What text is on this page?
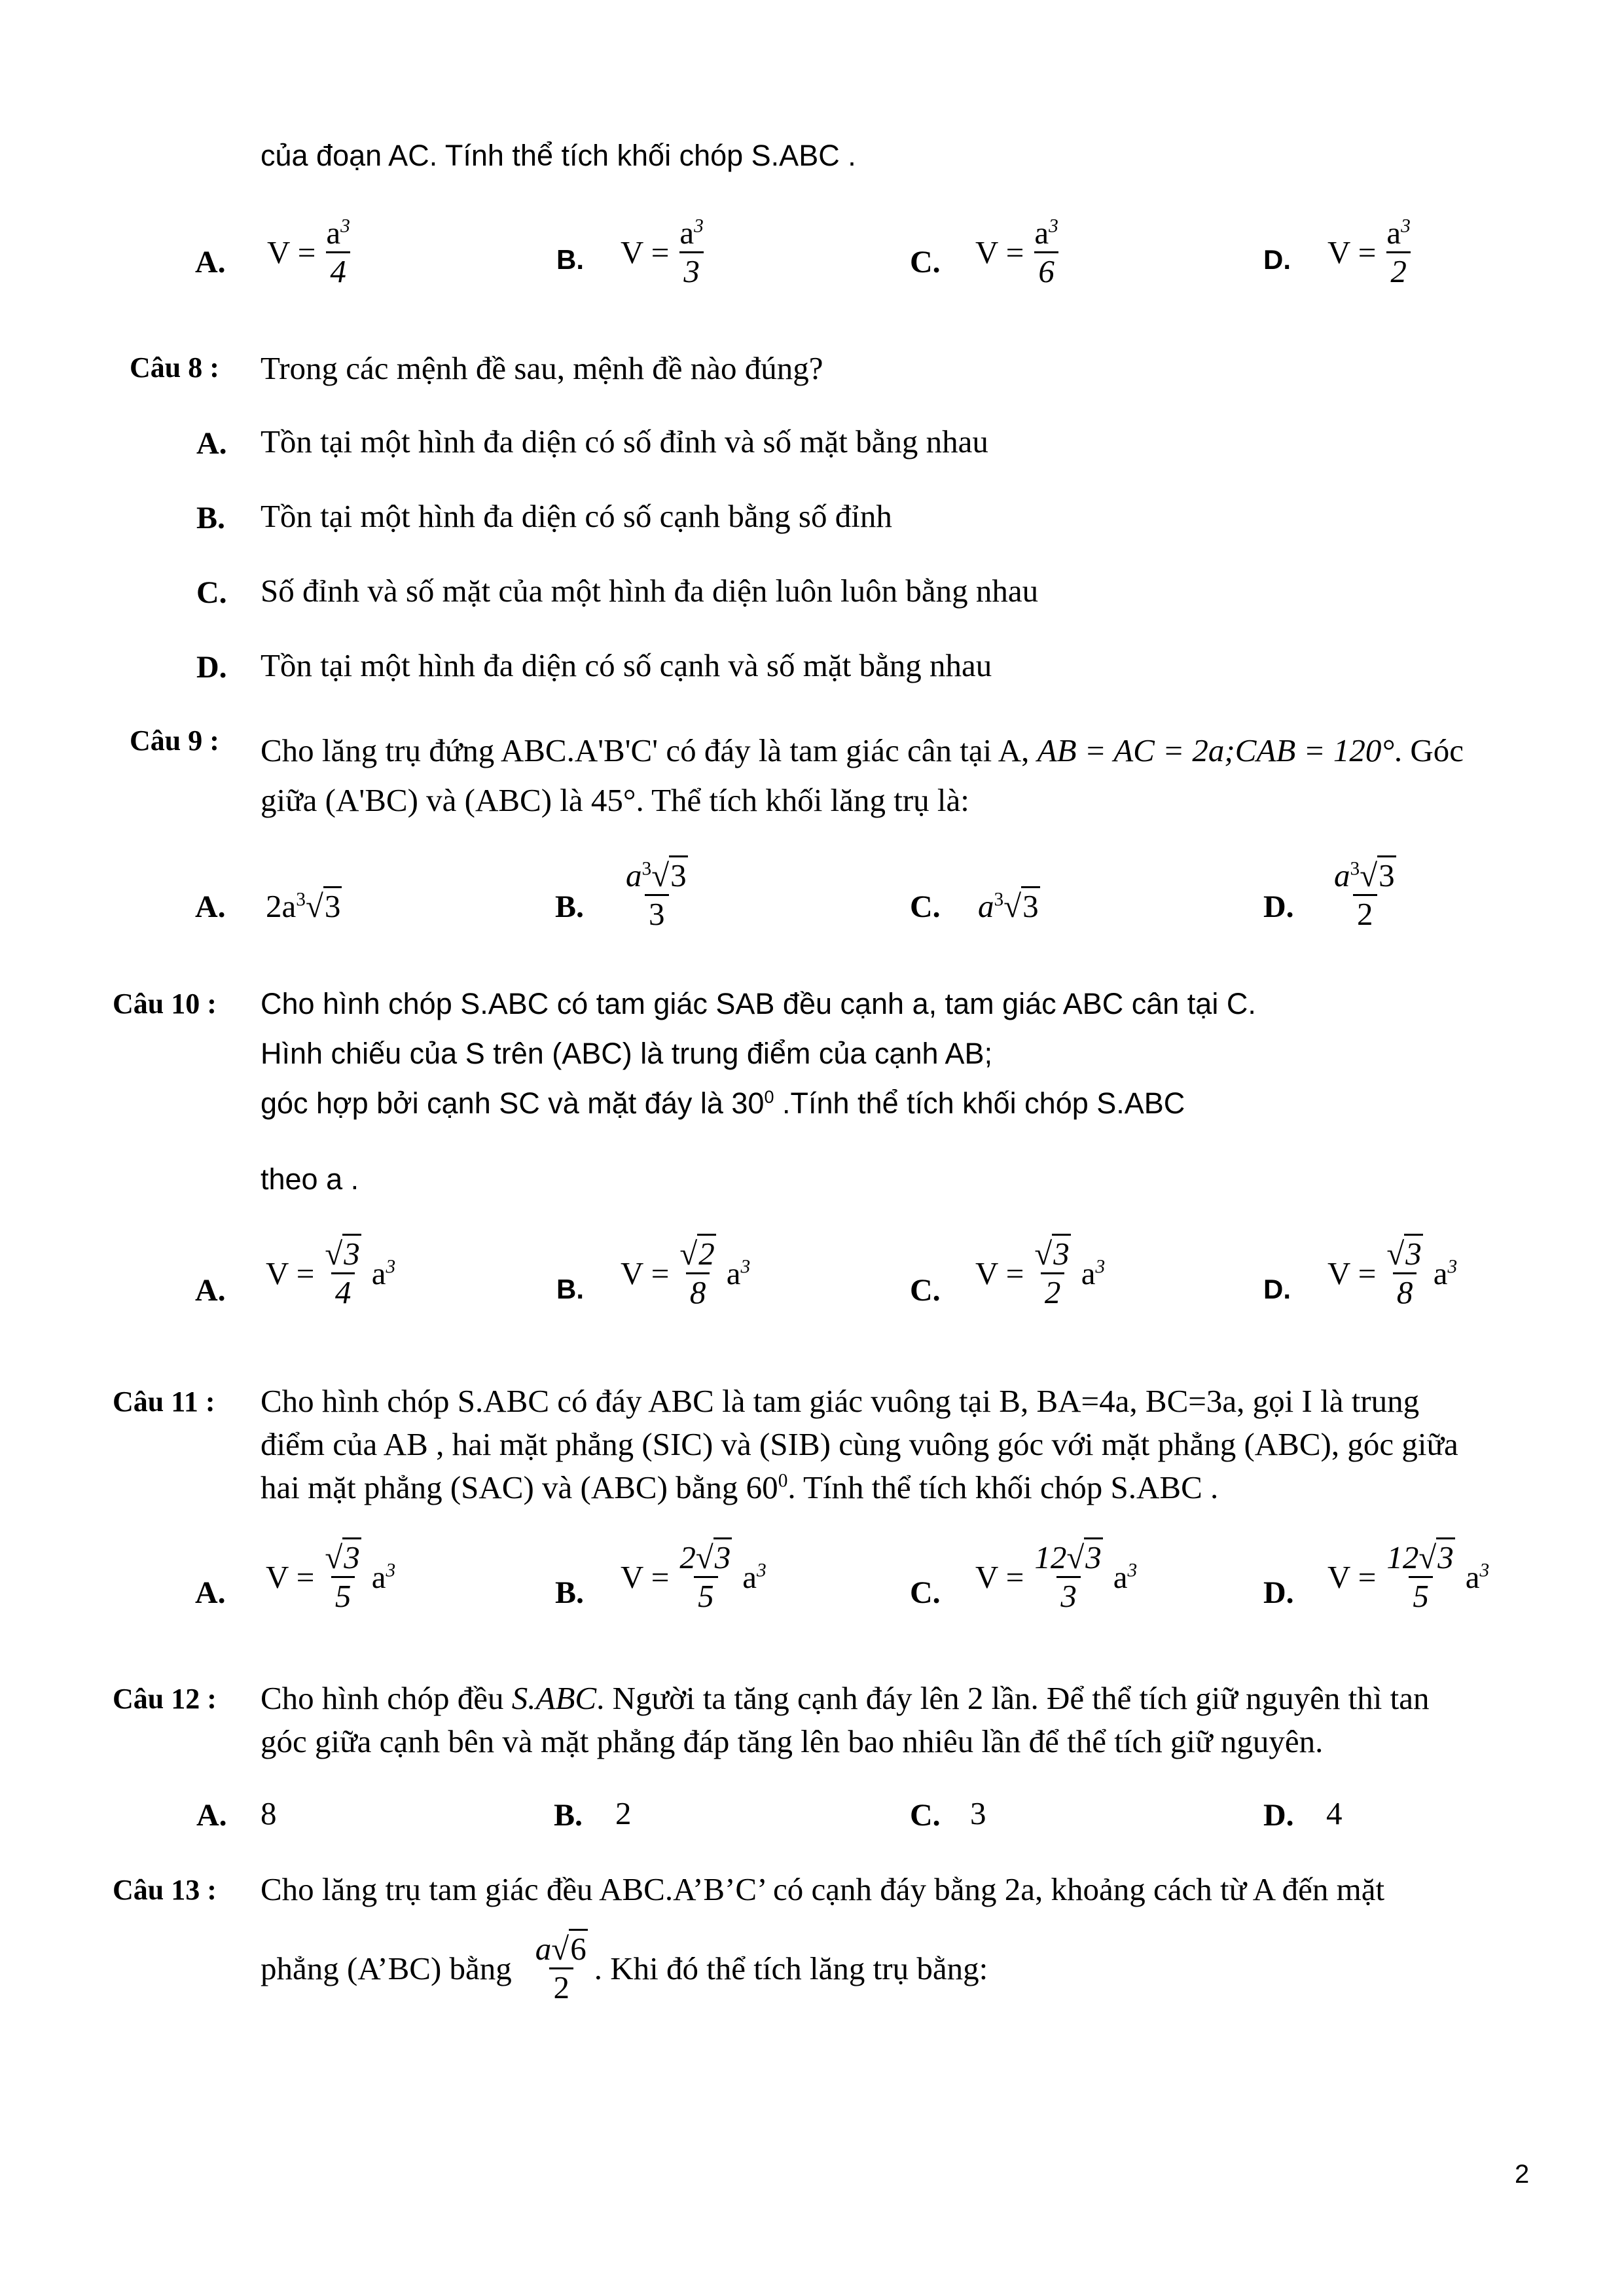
của đoạn AC. Tính thể tích khối chóp S.ABC .
A. $V = \frac{a^3}{4}$	B. $V = \frac{a^3}{3}$	C. $V = \frac{a^3}{6}$	D. $V = \frac{a^3}{2}$
Câu 8 : Trong các mệnh đề sau, mệnh đề nào đúng?
A. Tồn tại một hình đa diện có số đỉnh và số mặt bằng nhau
B. Tồn tại một hình đa diện có số cạnh bằng số đỉnh
C. Số đỉnh và số mặt của một hình đa diện luôn luôn bằng nhau
D. Tồn tại một hình đa diện có số cạnh và số mặt bằng nhau
Câu 9 : Cho lăng trụ đứng ABC.A'B'C' có đáy là tam giác cân tại A, AB = AC = 2a;CAB = 120°. Góc
giữa (A'BC) và (ABC) là 45°. Thể tích khối lăng trụ là:
A. $2a^3√3$	B. $\frac{a^3√3}{3}$	C. $a^3√3$	D. $\frac{a^3√3}{2}$
Câu 10 : Cho hình chóp S.ABC có tam giác SAB đều cạnh a, tam giác ABC cân tại C.
Hình chiếu của S trên (ABC) là trung điểm của cạnh AB;
góc hợp bởi cạnh SC và mặt đáy là $30^0$ .Tính thể tích khối chóp S.ABC
theo a .
A. $V = \frac{√3}{4} a^3$
B. $V = \frac{√2}{8} a^3$
C. $V = \frac{√3}{2} a^3$
D. $V = \frac{√3}{8} a^3$
Câu 11 : Cho hình chóp S.ABC có đáy ABC là tam giác vuông tại B, BA=4a, BC=3a, gọi I là trung
điểm của AB , hai mặt phẳng (SIC) và (SIB) cùng vuông góc với mặt phẳng (ABC), góc giữa
hai mặt phẳng (SAC) và (ABC) bằng $60^0$. Tính thể tích khối chóp S.ABC .
A. $V = \frac{√3}{5} a^3$
B. $V = \frac{2√3}{5} a^3$
C. $V = \frac{12√3}{3} a^3$
D. $V = \frac{12√3}{5} a^3$
Câu 12 : Cho hình chóp đều S.ABC. Người ta tăng cạnh đáy lên 2 lần. Để thể tích giữ nguyên thì tan
góc giữa cạnh bên và mặt phẳng đáp tăng lên bao nhiêu lần để thể tích giữ nguyên.
A. 8	B. 2	C. 3	D. 4
Câu 13 : Cho lăng trụ tam giác đều ABC.A’B’C’ có cạnh đáy bằng 2a, khoảng cách từ A đến mặt
phẳng (A’BC) bằng $\frac{a√6}{2}$ . Khi đó thể tích lăng trụ bằng:
2
